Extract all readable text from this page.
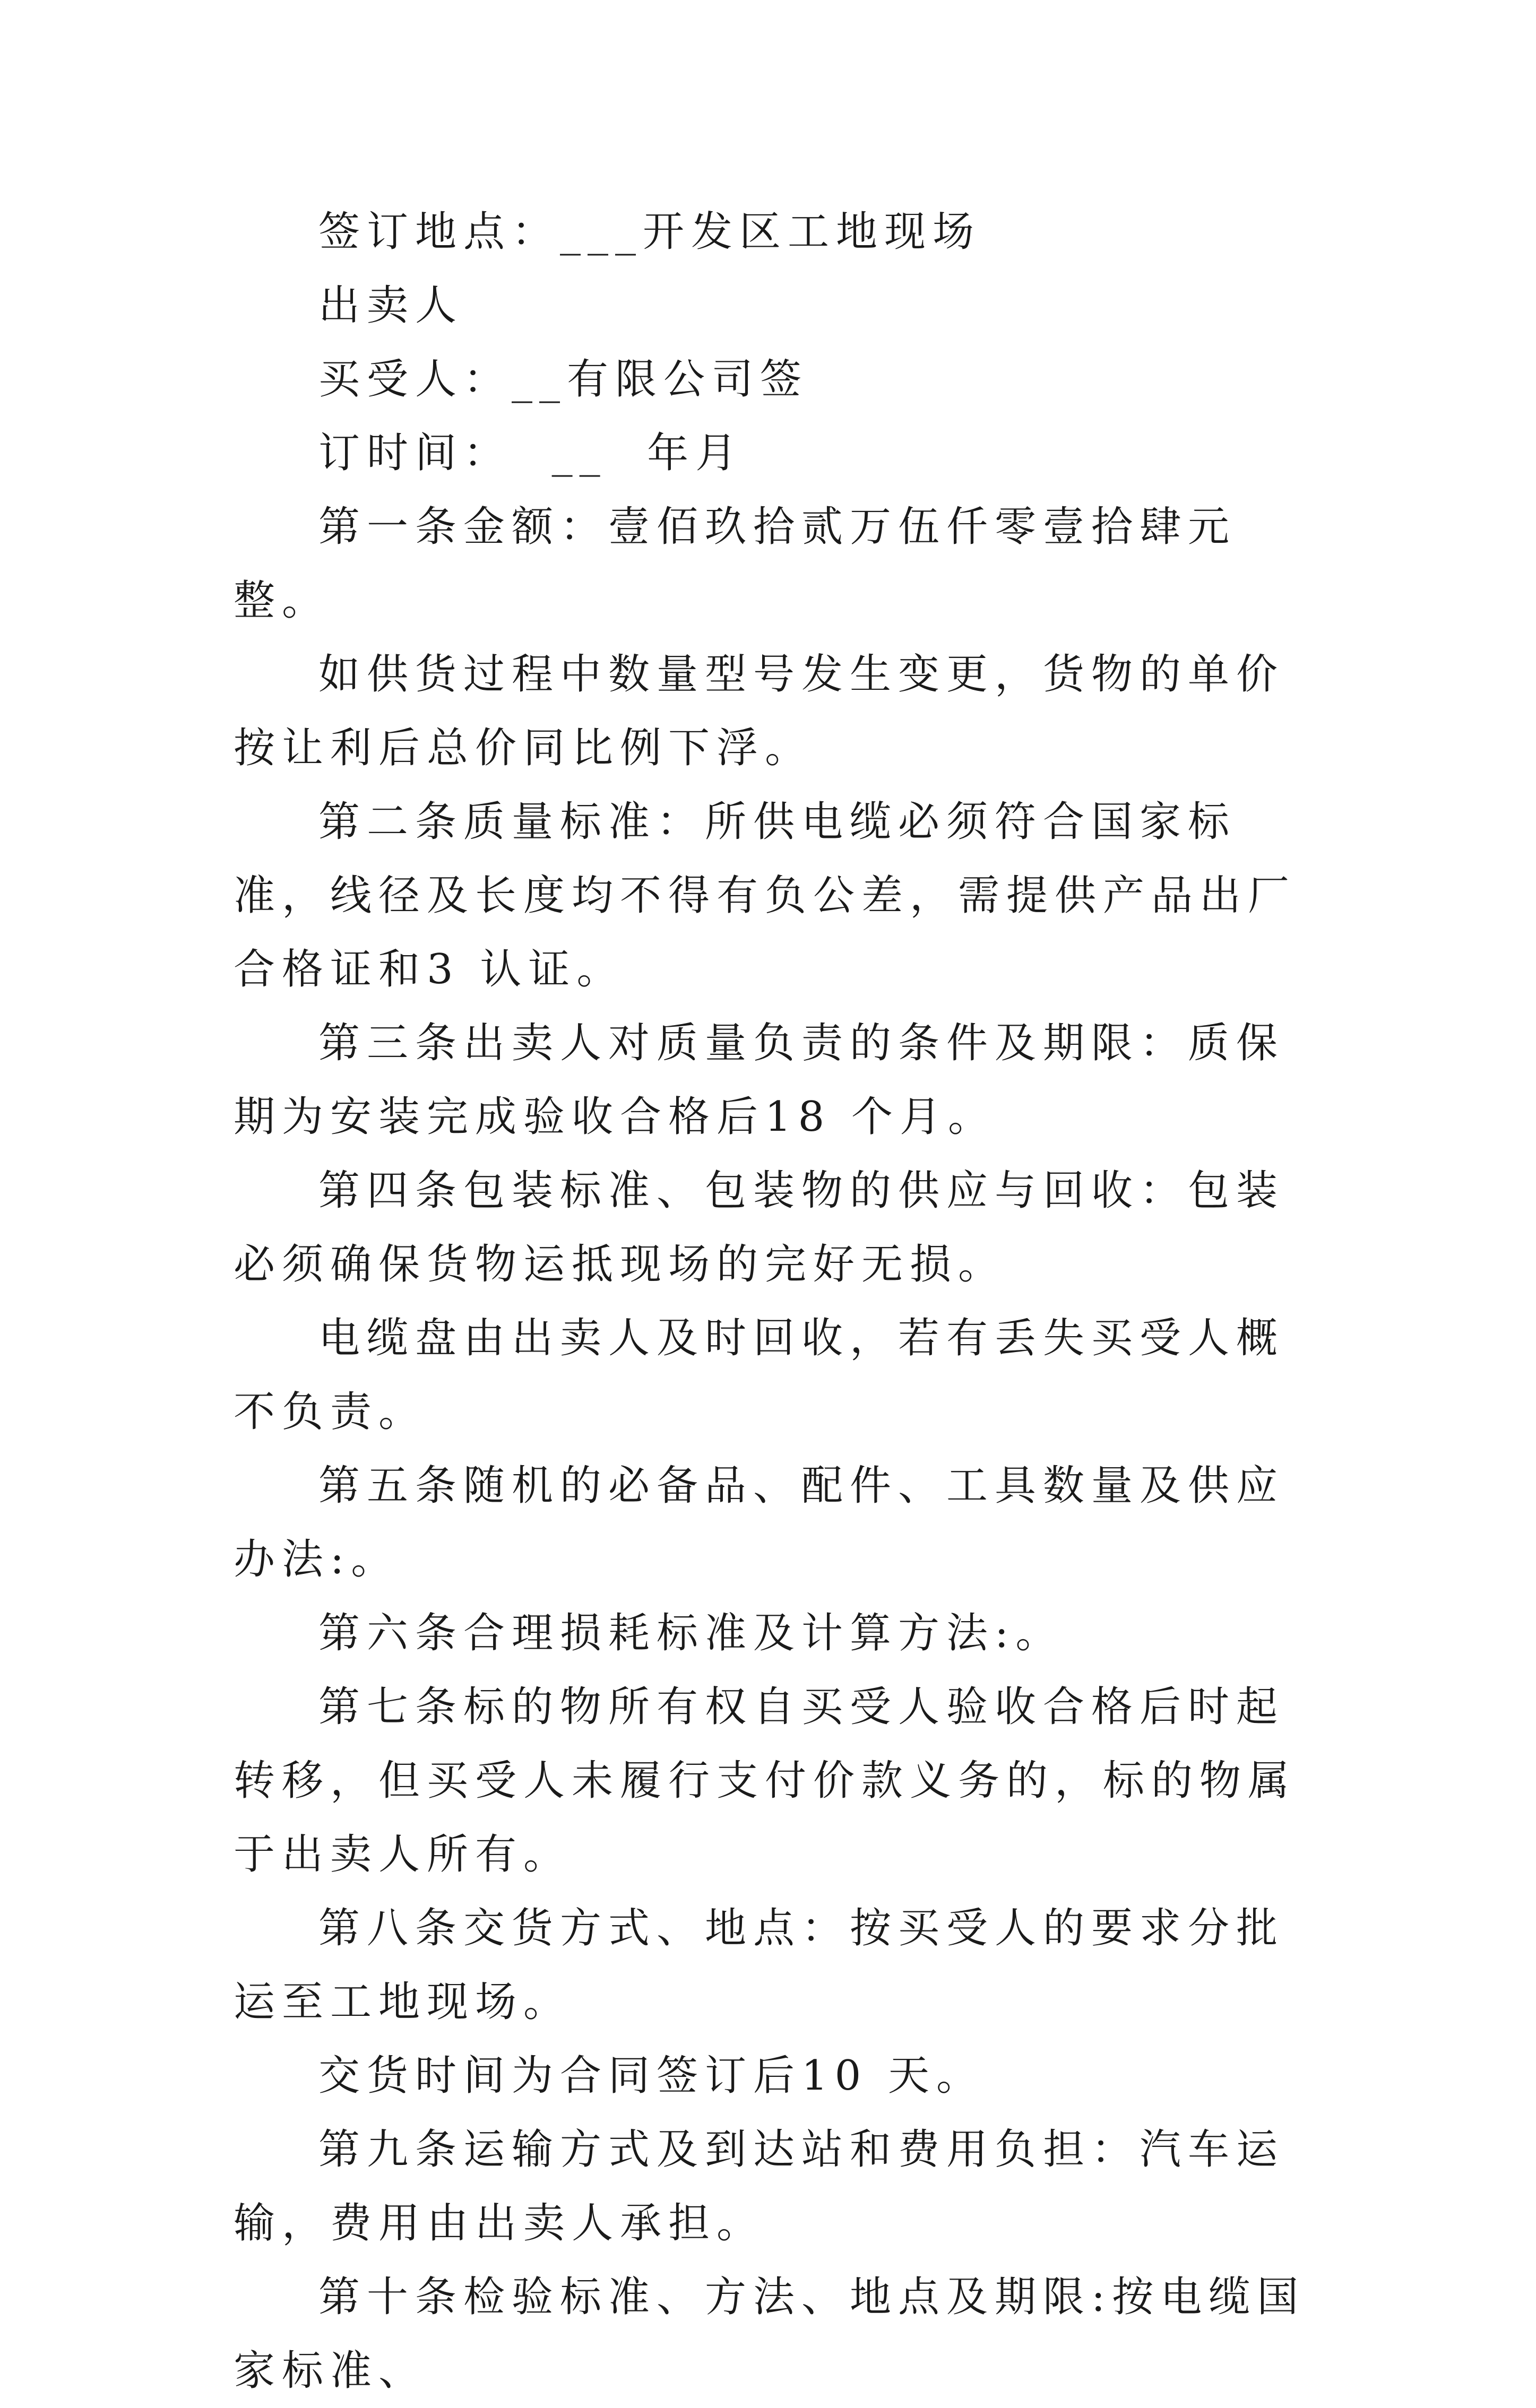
签订地点：___开发区工地现场

出卖人

买受人：__有限公司签

订时间：  __  年月

第一条金额：壹佰玖拾贰万伍仟零壹拾肆元整。

如供货过程中数量型号发生变更，货物的单价按让利后总价同比例下浮。

第二条质量标准：所供电缆必须符合国家标准，线径及长度均不得有负公差，需提供产品出厂合格证和3 认证。

第三条出卖人对质量负责的条件及期限：质保期为安装完成验收合格后18 个月。

第四条包装标准、包装物的供应与回收：包装必须确保货物运抵现场的完好无损。

电缆盘由出卖人及时回收，若有丢失买受人概不负责。

第五条随机的必备品、配件、工具数量及供应办法:。

第六条合理损耗标准及计算方法:。

第七条标的物所有权自买受人验收合格后时起转移，但买受人未履行支付价款义务的，标的物属于出卖人所有。

第八条交货方式、地点：按买受人的要求分批运至工地现场。

交货时间为合同签订后10 天。

第九条运输方式及到达站和费用负担：汽车运输，费用由出卖人承担。

第十条检验标准、方法、地点及期限:按电缆国家标准、
